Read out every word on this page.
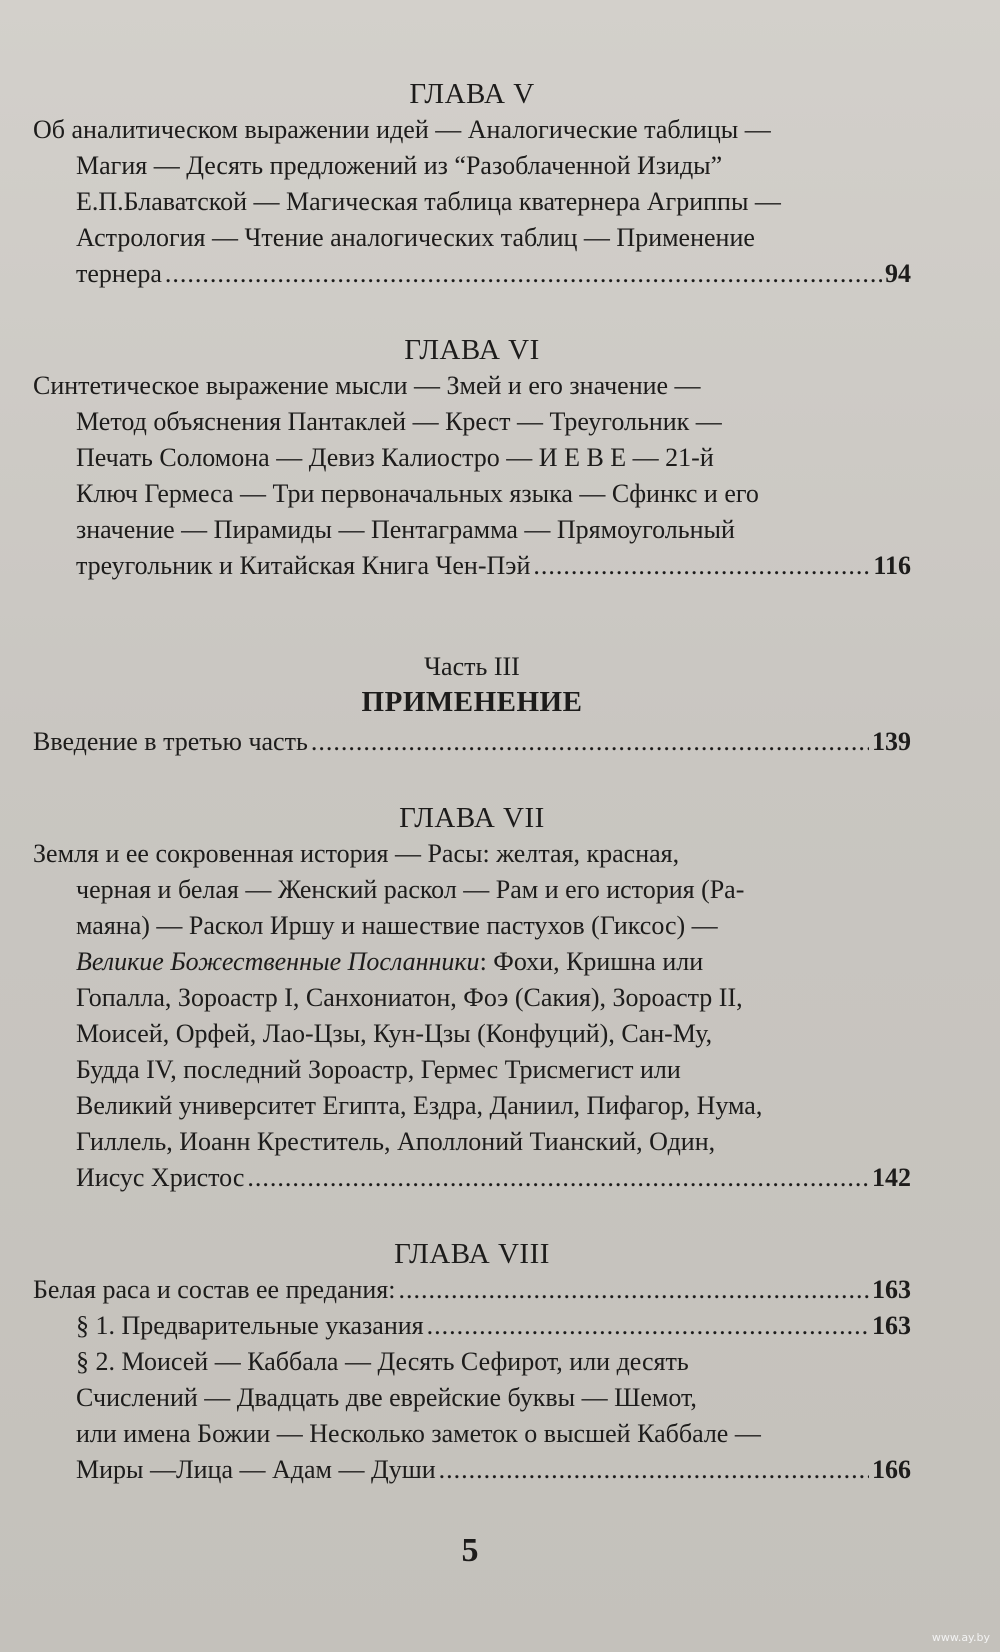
ГЛАВА V
Об аналитическом выражении идей — Аналогические таблицы —
Магия — Десять предложений из “Разоблаченной Изиды”
Е.П.Блаватской — Магическая таблица кватернера Агриппы —
Астрология — Чтение аналогических таблиц — Применение
тернера .....	94
ГЛАВА VI
Синтетическое выражение мысли — Змей и его значение —
Метод объяснения Пантаклей — Крест — Треугольник —
Печать Соломона — Девиз Калиостро — И Е В Е — 21-й
Ключ Гермеса — Три первоначальных языка — Сфинкс и его
значение — Пирамиды — Пентаграмма — Прямоугольный
треугольник и Китайская Книга Чен-Пэй .....	116
Часть III
ПРИМЕНЕНИЕ
Введение в третью часть .....	139
ГЛАВА VII
Земля и ее сокровенная история — Расы: желтая, красная,
черная и белая — Женский раскол — Рам и его история (Ра-
маяна) — Раскол Иршу и нашествие пастухов (Гиксос) —
Великие Божественные Посланники: Фохи, Кришна или
Гопалла, Зороастр I, Санхониатон, Фоэ (Сакия), Зороастр II,
Моисей, Орфей, Лао-Цзы, Кун-Цзы (Конфуций), Сан-Му,
Будда IV, последний Зороастр, Гермес Трисмегист или
Великий университет Египта, Ездра, Даниил, Пифагор, Нума,
Гиллель, Иоанн Креститель, Аполлоний Тианский, Один,
Иисус Христос .....	142
ГЛАВА VIII
Белая раса и состав ее предания: .....	163
§ 1. Предварительные указания .....	163
§ 2. Моисей — Каббала — Десять Сефирот, или десять
Счислений — Двадцать две еврейские буквы — Шемот,
или имена Божии — Несколько заметок о высшей Каббале —
Миры —Лица — Адам — Души .....	166
5
www.ay.by
